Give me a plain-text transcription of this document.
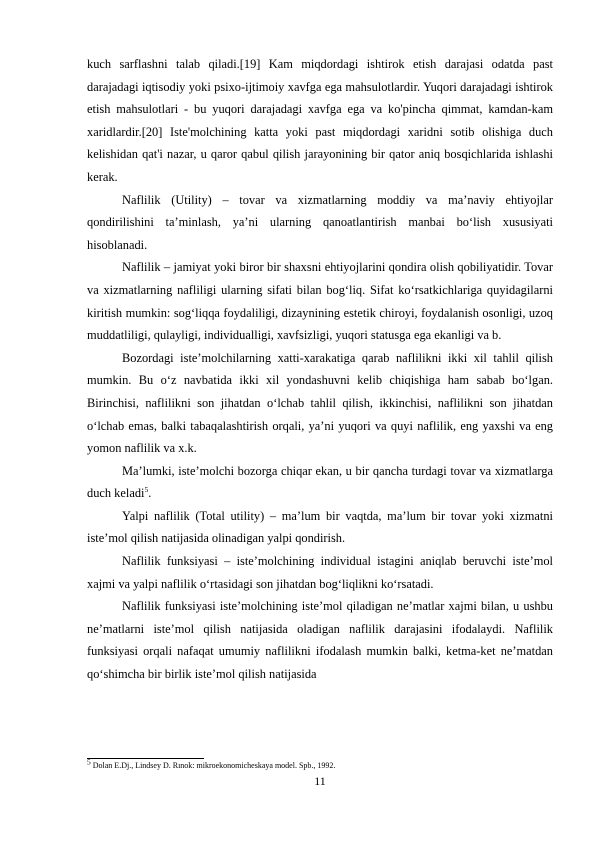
kuch sarflashni talab qiladi.[19] Kam miqdordagi ishtirok etish darajasi odatda past darajadagi iqtisodiy yoki psixo-ijtimoiy xavfga ega mahsulotlardir. Yuqori darajadagi ishtirok etish mahsulotlari - bu yuqori darajadagi xavfga ega va ko'pincha qimmat, kamdan-kam xaridlardir.[20] Iste'molchining katta yoki past miqdordagi xaridni sotib olishiga duch kelishidan qat'i nazar, u qaror qabul qilish jarayonining bir qator aniq bosqichlarida ishlashi kerak.

Naflilik (Utility) – tovar va xizmatlarning moddiy va ma’naviy ehtiyojlar qondirilishini ta’minlash, ya’ni ularning qanoatlantirish manbai bo‘lish xususiyati hisoblanadi.

Naflilik – jamiyat yoki biror bir shaxsni ehtiyojlarini qondira olish qobiliyatidir. Tovar va xizmatlarning nafliligi ularning sifati bilan bog‘liq. Sifat ko‘rsatkichlariga quyidagilarni kiritish mumkin: sog‘liqqa foydaliligi, dizaynining estetik chiroyi, foydalanish osonligi, uzoq muddatliligi, qulayligi, individualligi, xavfsizligi, yuqori statusga ega ekanligi va b.

Bozordagi iste’molchilarning xatti-xarakatiga qarab naflilikni ikki xil tahlil qilish mumkin. Bu o‘z navbatida ikki xil yondashuvni kelib chiqishiga ham sabab bo‘lgan. Birinchisi, naflilikni son jihatdan o‘lchab tahlil qilish, ikkinchisi, naflilikni son jihatdan o‘lchab emas, balki tabaqalashtirish orqali, ya’ni yuqori va quyi naflilik, eng yaxshi va eng yomon naflilik va x.k.

Ma’lumki, iste’molchi bozorga chiqar ekan, u bir qancha turdagi tovar va xizmatlarga duch keladi$^5$.

Yalpi naflilik (Total utility) – ma’lum bir vaqtda, ma’lum bir tovar yoki xizmatni iste’mol qilish natijasida olinadigan yalpi qondirish.

Naflilik funksiyasi – iste’molchining individual istagini aniqlab beruvchi iste’mol xajmi va yalpi naflilik o‘rtasidagi son jihatdan bog‘liqlikni ko‘rsatadi.

Naflilik funksiyasi iste’molchining iste’mol qiladigan ne’matlar xajmi bilan, u ushbu ne’matlarni iste’mol qilish natijasida oladigan naflilik darajasini ifodalaydi. Naflilik funksiyasi orqali nafaqat umumiy naflilikni ifodalash mumkin balki, ketma-ket ne’matdan qo‘shimcha bir birlik iste’mol qilish natijasida

$^5$ Dolan E.Dj., Lindsey D. Rınok: mikroekonomicheskaya model. Spb., 1992.
11
